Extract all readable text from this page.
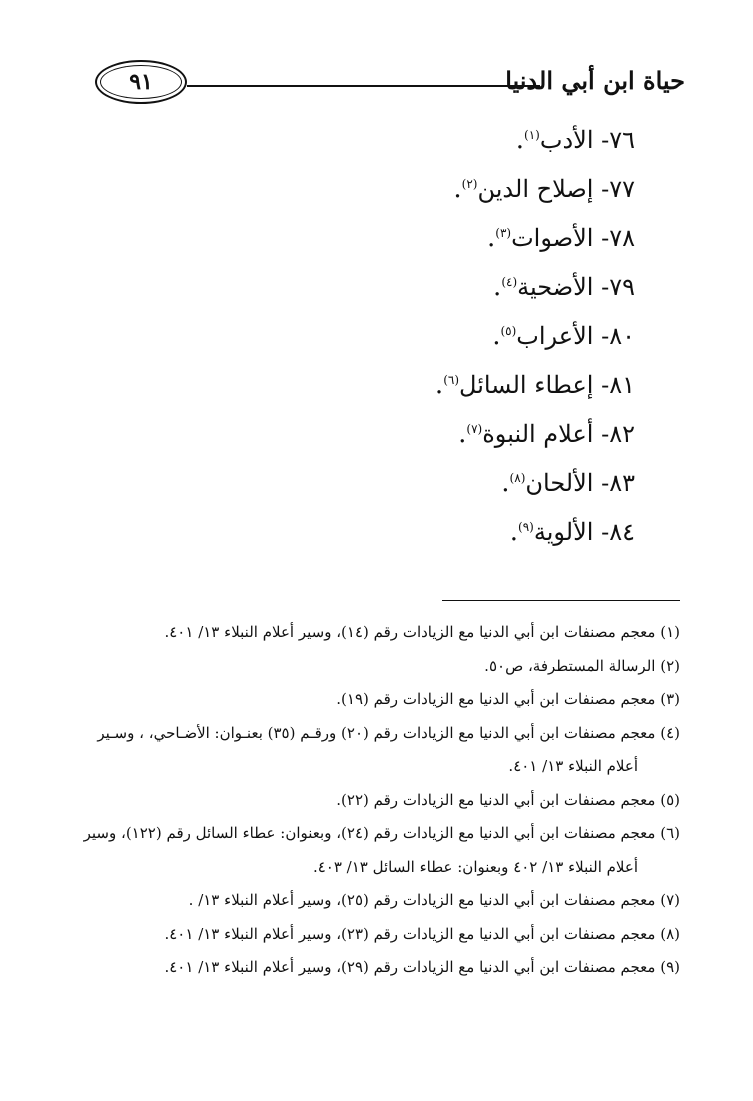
٩١	حياة ابن أبي الدنيا
٧٦- الأدب$^{(١)}$.
٧٧- إصلاح الدين$^{(٢)}$.
٧٨- الأصوات$^{(٣)}$.
٧٩- الأضحية$^{(٤)}$.
٨٠- الأعراب$^{(٥)}$.
٨١- إعطاء السائل$^{(٦)}$.
٨٢- أعلام النبوة$^{(٧)}$.
٨٣- الألحان$^{(٨)}$.
٨٤- الألوية$^{(٩)}$.
(١) معجم مصنفات ابن أبي الدنيا مع الزيادات رقم (١٤)، وسير أعلام النبلاء ١٣/ ٤٠١.
(٢) الرسالة المستطرفة، ص٥٠.
(٣) معجم مصنفات ابن أبي الدنيا مع الزيادات رقم (١٩).
(٤) معجم مصنفات ابن أبي الدنيا مع الزيادات رقم (٢٠) ورقـم (٣٥) بعنـوان: الأضـاحي، ، وسـير
أعلام النبلاء ١٣/ ٤٠١.
(٥) معجم مصنفات ابن أبي الدنيا مع الزيادات رقم (٢٢).
(٦) معجم مصنفات ابن أبي الدنيا مع الزيادات رقم (٢٤)، وبعنوان: عطاء السائل رقم (١٢٢)، وسير
أعلام النبلاء ١٣/ ٤٠٢ وبعنوان: عطاء السائل ١٣/ ٤٠٣.
(٧) معجم مصنفات ابن أبي الدنيا مع الزيادات رقم (٢٥)، وسير أعلام النبلاء ١٣/ .
(٨) معجم مصنفات ابن أبي الدنيا مع الزيادات رقم (٢٣)، وسير أعلام النبلاء ١٣/ ٤٠١.
(٩) معجم مصنفات ابن أبي الدنيا مع الزيادات رقم (٢٩)، وسير أعلام النبلاء ١٣/ ٤٠١.
